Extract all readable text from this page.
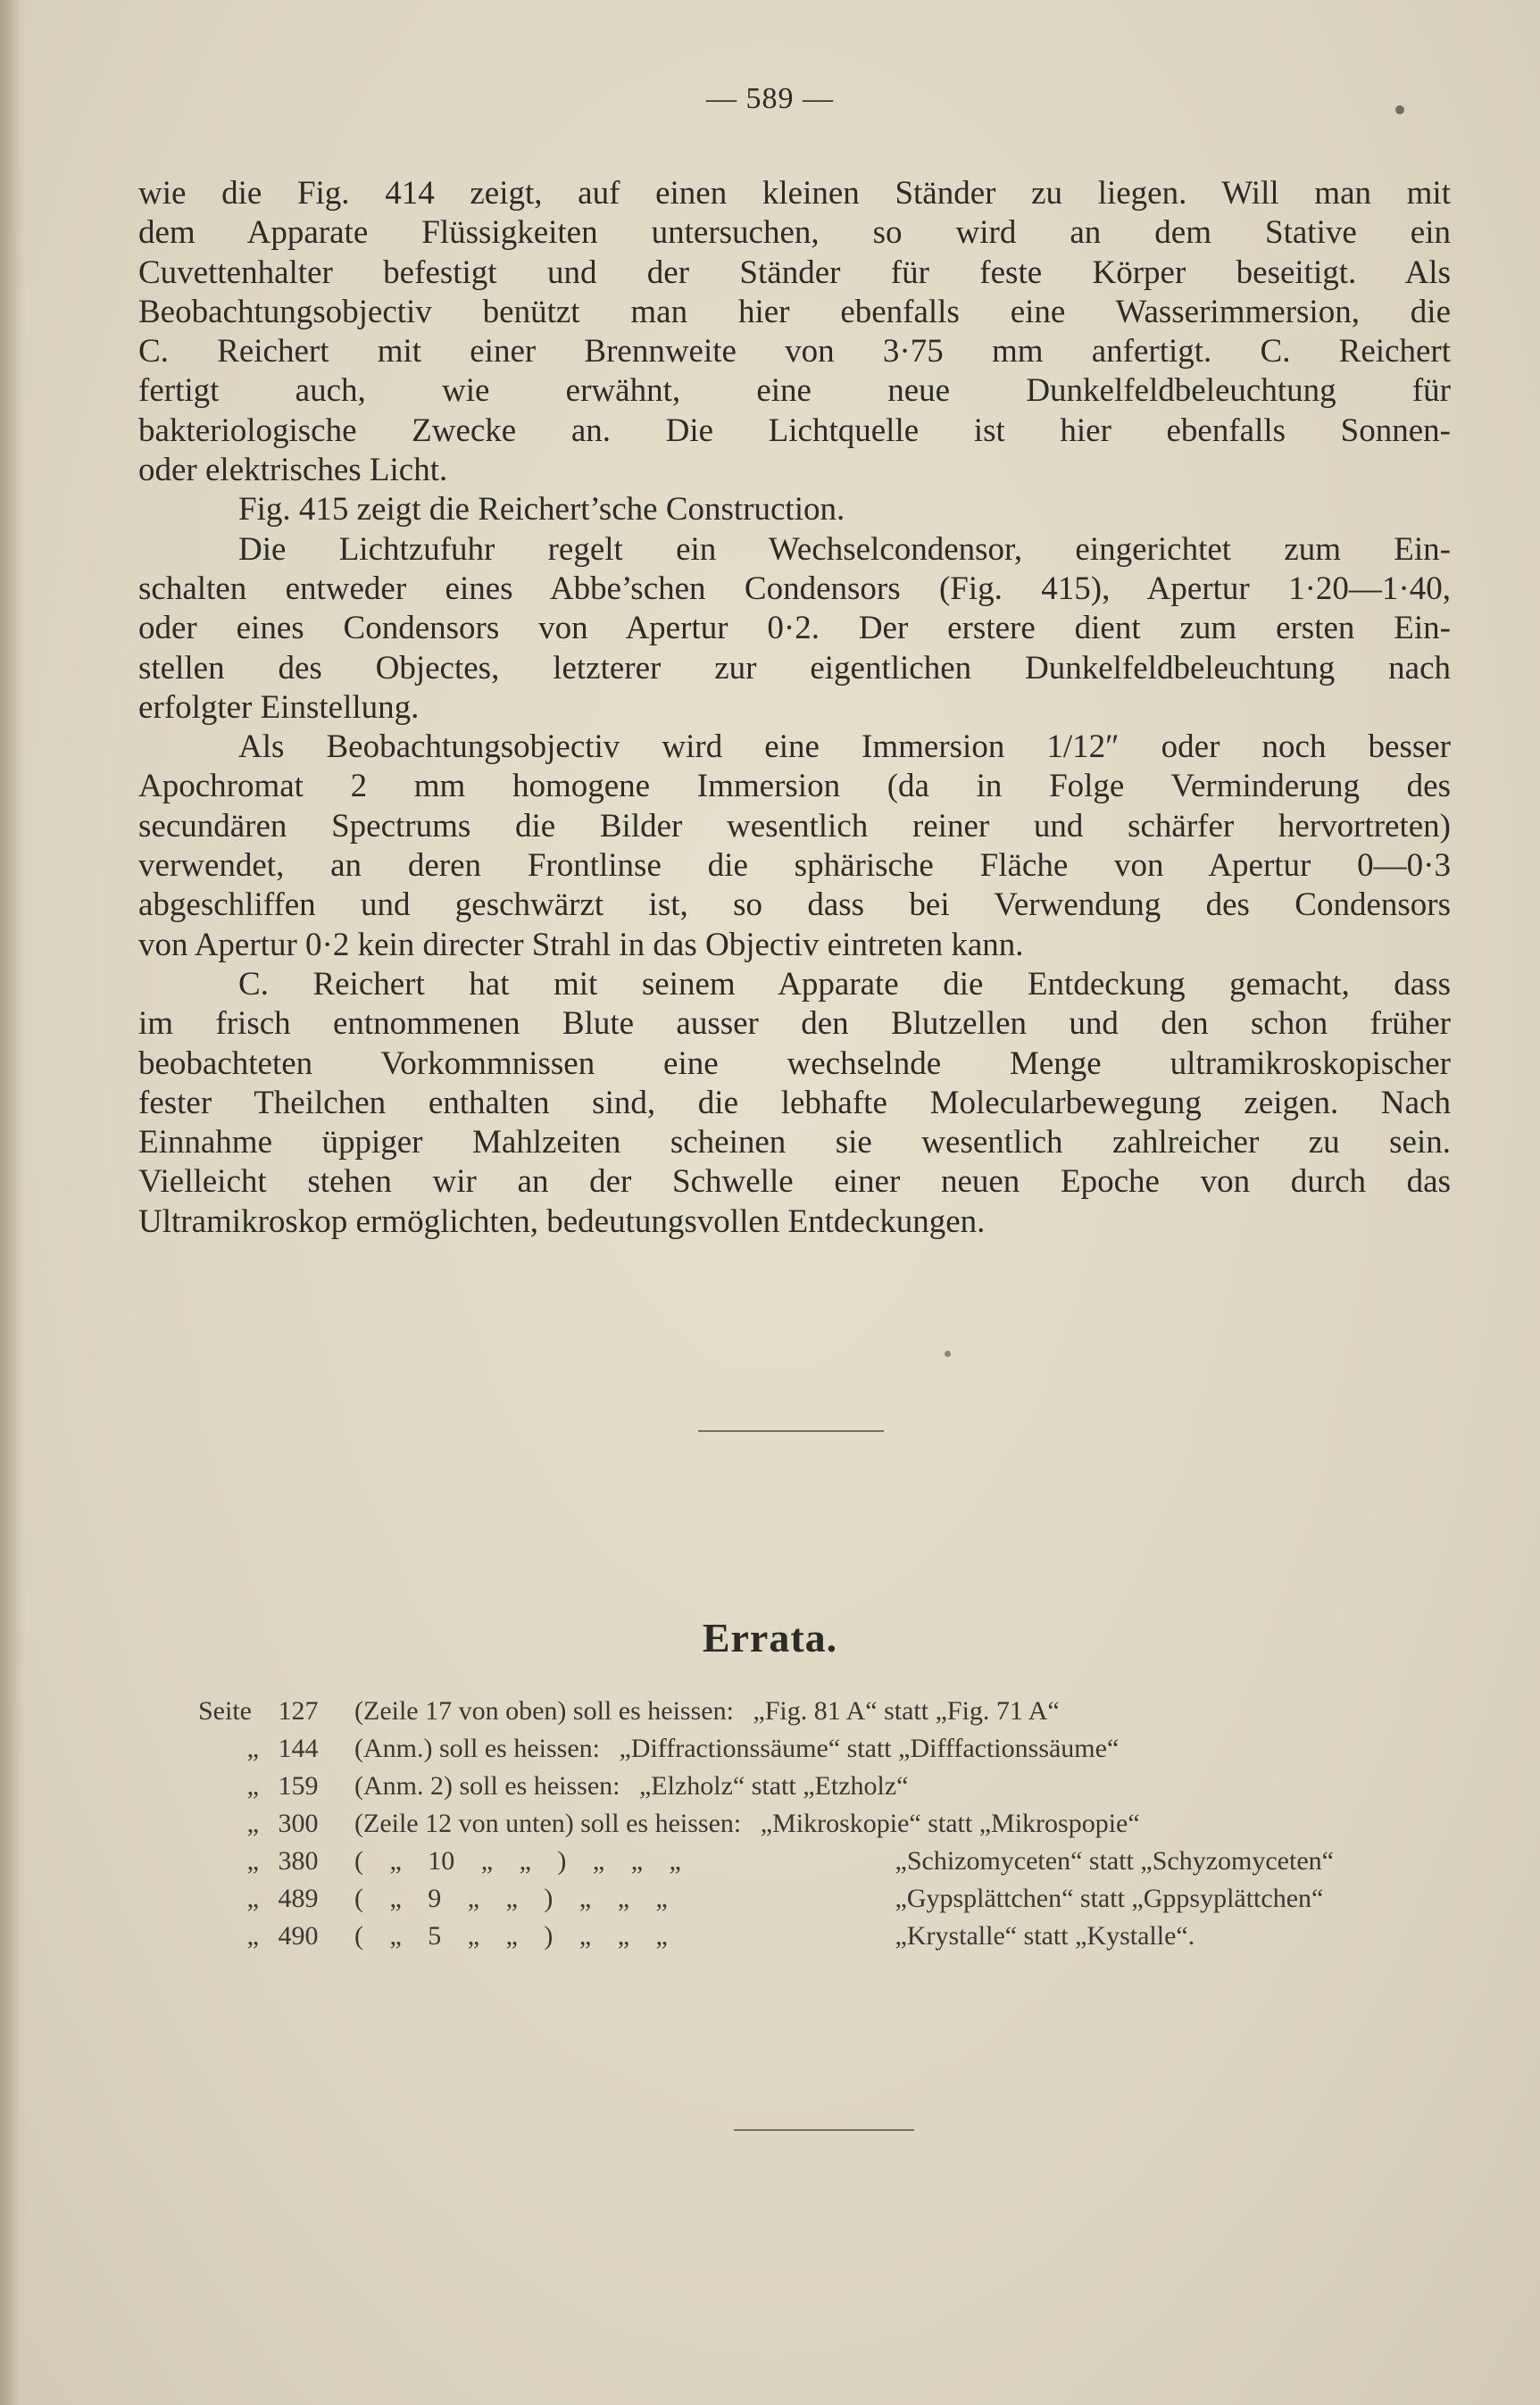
— 589 —
wie die Fig. 414 zeigt, auf einen kleinen Ständer zu liegen. Will man mit
dem Apparate Flüssigkeiten untersuchen, so wird an dem Stative ein
Cuvettenhalter befestigt und der Ständer für feste Körper beseitigt. Als
Beobachtungsobjectiv benützt man hier ebenfalls eine Wasserimmersion, die
C. Reichert mit einer Brennweite von 3·75 mm anfertigt. C. Reichert
fertigt auch, wie erwähnt, eine neue Dunkelfeldbeleuchtung für
bakteriologische Zwecke an. Die Lichtquelle ist hier ebenfalls Sonnen-
oder elektrisches Licht.
Fig. 415 zeigt die Reichert’sche Construction.
Die Lichtzufuhr regelt ein Wechselcondensor, eingerichtet zum Ein-
schalten entweder eines Abbe’schen Condensors (Fig. 415), Apertur 1·20—1·40,
oder eines Condensors von Apertur 0·2. Der erstere dient zum ersten Ein-
stellen des Objectes, letzterer zur eigentlichen Dunkelfeldbeleuchtung nach
erfolgter Einstellung.
Als Beobachtungsobjectiv wird eine Immersion 1/12″ oder noch besser
Apochromat 2 mm homogene Immersion (da in Folge Verminderung des
secundären Spectrums die Bilder wesentlich reiner und schärfer hervortreten)
verwendet, an deren Frontlinse die sphärische Fläche von Apertur 0—0·3
abgeschliffen und geschwärzt ist, so dass bei Verwendung des Condensors
von Apertur 0·2 kein directer Strahl in das Objectiv eintreten kann.
C. Reichert hat mit seinem Apparate die Entdeckung gemacht, dass
im frisch entnommenen Blute ausser den Blutzellen und den schon früher
beobachteten Vorkommnissen eine wechselnde Menge ultramikroskopischer
fester Theilchen enthalten sind, die lebhafte Molecularbewegung zeigen. Nach
Einnahme üppiger Mahlzeiten scheinen sie wesentlich zahlreicher zu sein.
Vielleicht stehen wir an der Schwelle einer neuen Epoche von durch das
Ultramikroskop ermöglichten, bedeutungsvollen Entdeckungen.
Errata.
Seite 127 (Zeile 17 von oben) soll es heissen: „Fig. 81 A“ statt „Fig. 71 A“
„ 144 (Anm.) soll es heissen: „Diffractionssäume“ statt „Difffactionssäume“
„ 159 (Anm. 2) soll es heissen: „Elzholz“ statt „Etzholz“
„ 300 (Zeile 12 von unten) soll es heissen: „Mikroskopie“ statt „Mikrospopie“
„ 380 ( „ 10 „ „ ) „ „ „	„Schizomyceten“ statt „Schyzomyceten“
„ 489 ( „ 9 „ „ ) „ „ „	„Gypsplättchen“ statt „Gppsyplättchen“
„ 490 ( „ 5 „ „ ) „ „ „	„Krystalle“ statt „Kystalle“.
